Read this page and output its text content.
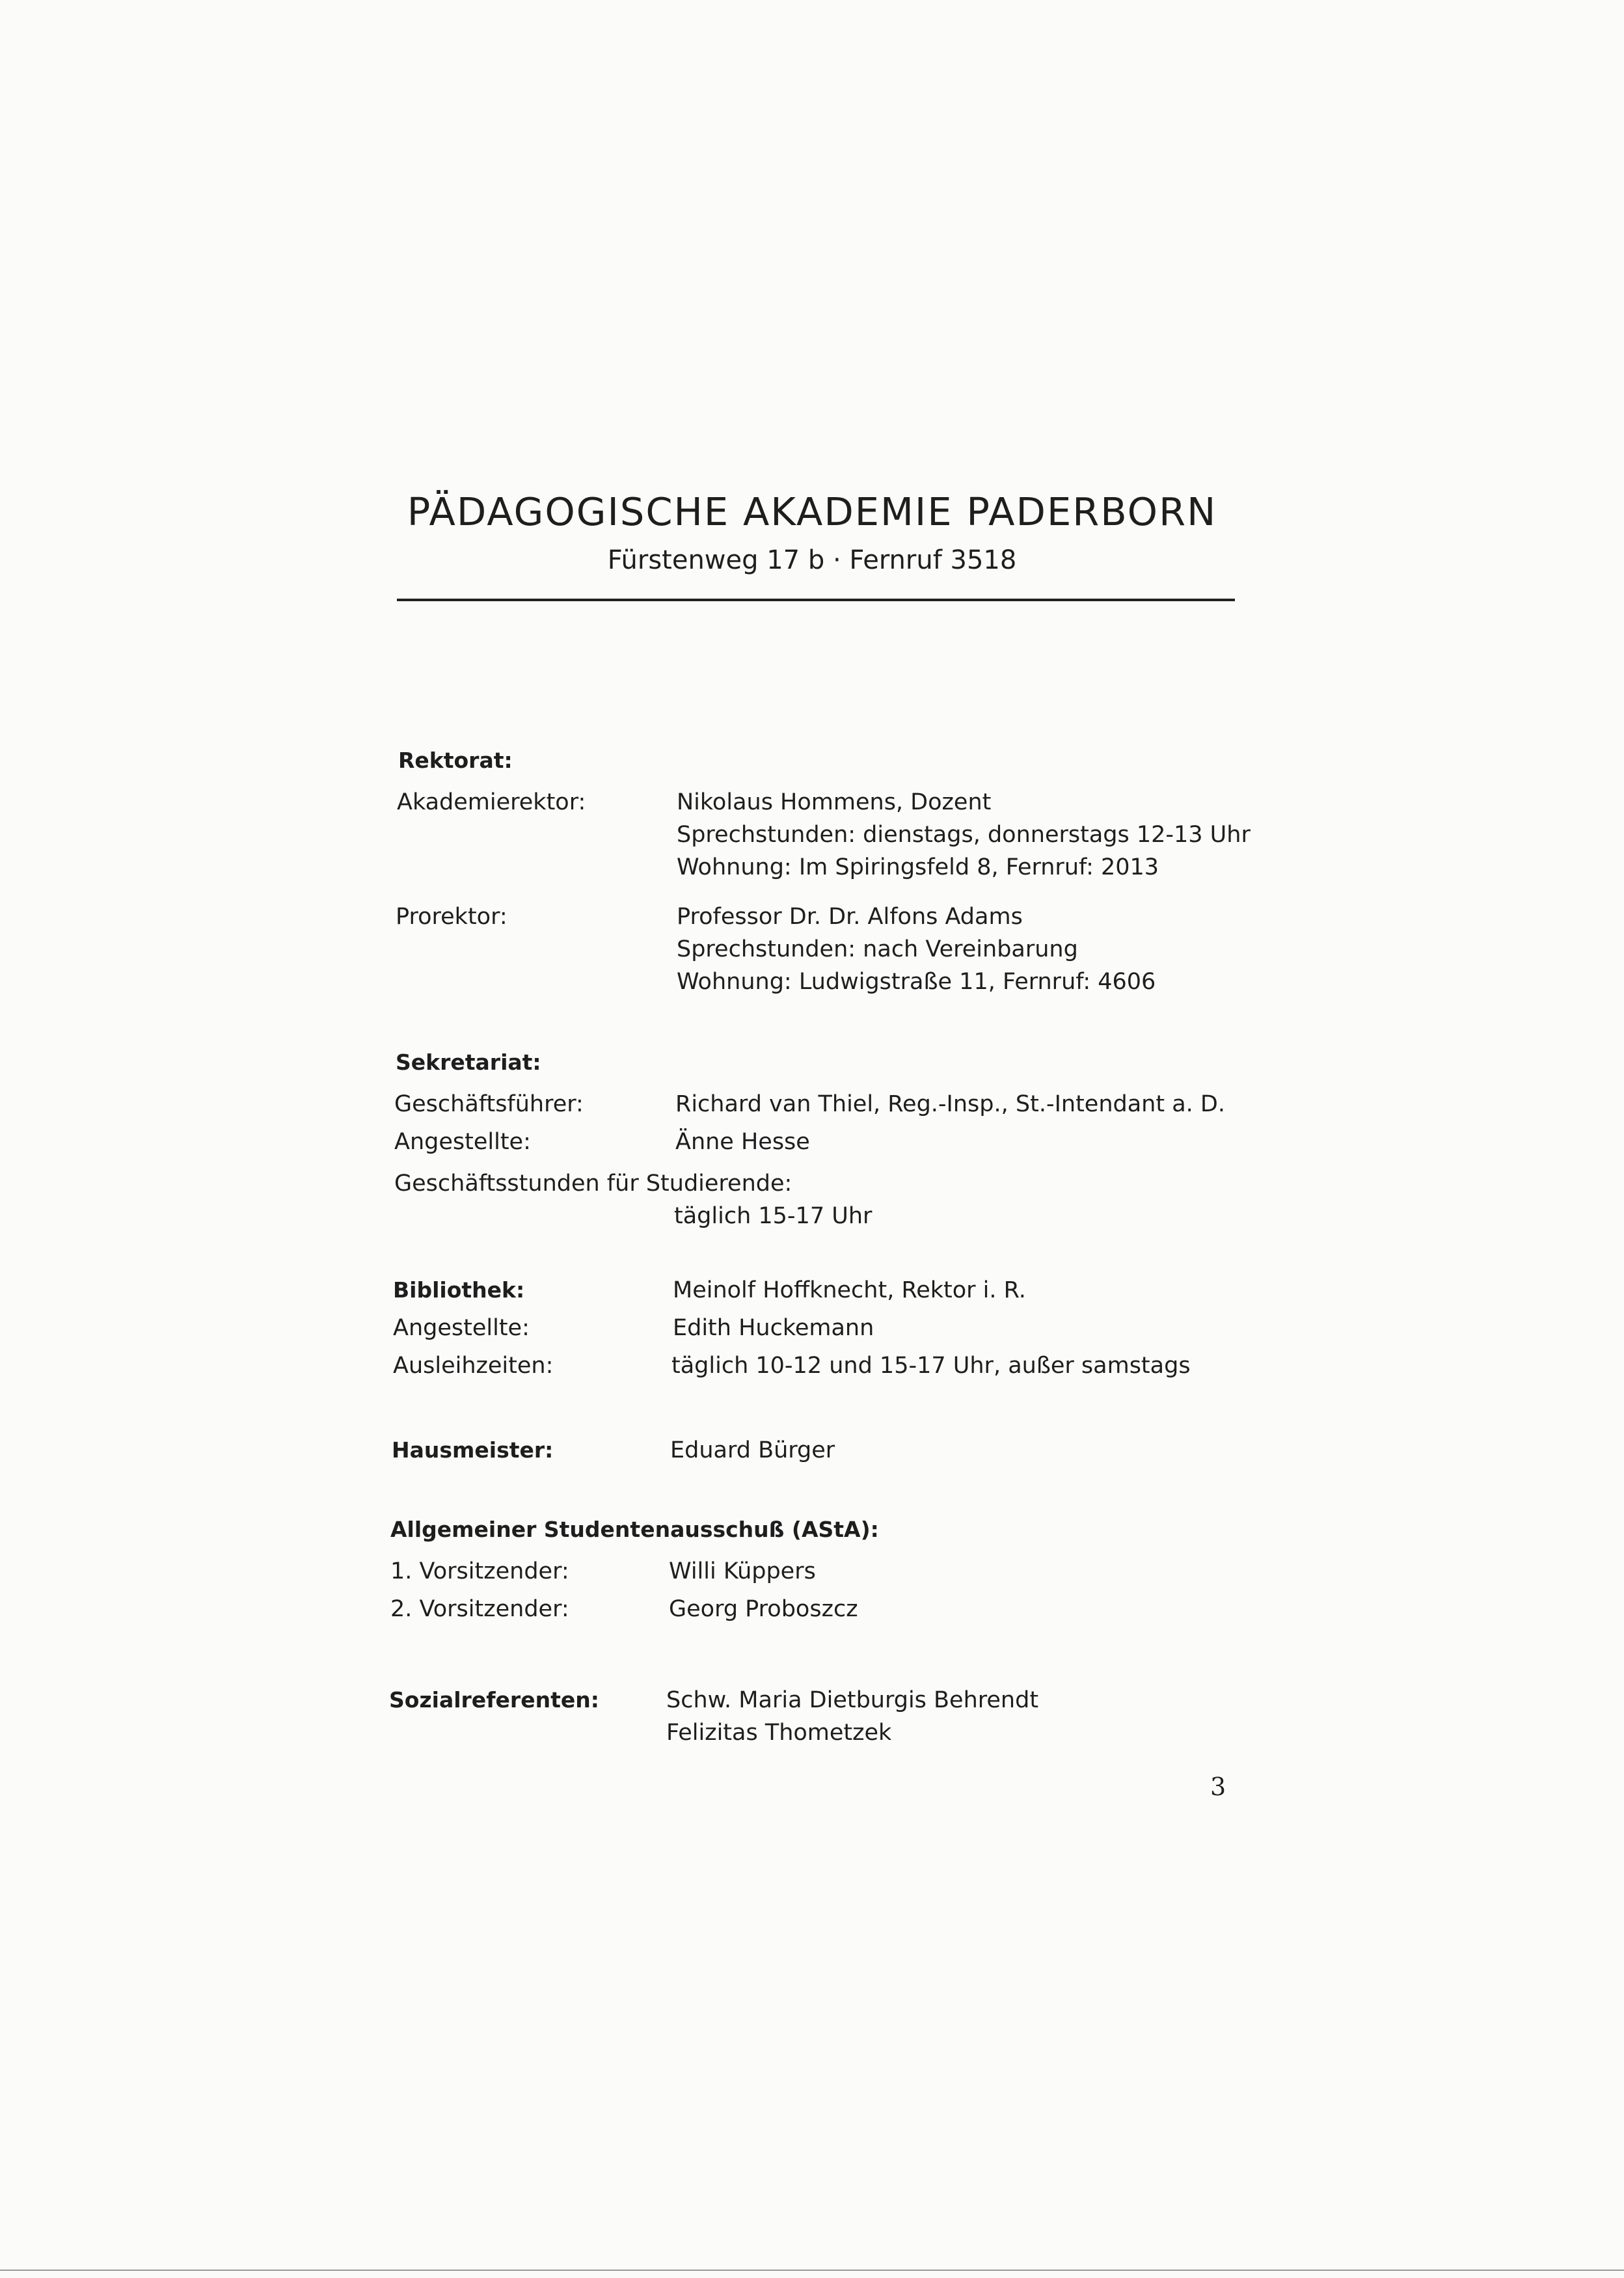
PÄDAGOGISCHE AKADEMIE PADERBORN
Fürstenweg 17 b · Fernruf 3518
Rektorat:
Akademierektor:	Nikolaus Hommens, Dozent
Sprechstunden: dienstags, donnerstags 12-13 Uhr
Wohnung: Im Spiringsfeld 8, Fernruf: 2013
Prorektor:	Professor Dr. Dr. Alfons Adams
Sprechstunden: nach Vereinbarung
Wohnung: Ludwigstraße 11, Fernruf: 4606
Sekretariat:
Geschäftsführer:	Richard van Thiel, Reg.-Insp., St.-Intendant a. D.
Angestellte:	Änne Hesse
Geschäftsstunden für Studierende:
täglich 15-17 Uhr
Bibliothek:	Meinolf Hoffknecht, Rektor i. R.
Angestellte:	Edith Huckemann
Ausleihzeiten:	täglich 10-12 und 15-17 Uhr, außer samstags
Hausmeister:	Eduard Bürger
Allgemeiner Studentenausschuß (AStA):
1. Vorsitzender:	Willi Küppers
2. Vorsitzender:	Georg Proboszcz
Sozialreferenten:	Schw. Maria Dietburgis Behrendt
Felizitas Thometzek
3
